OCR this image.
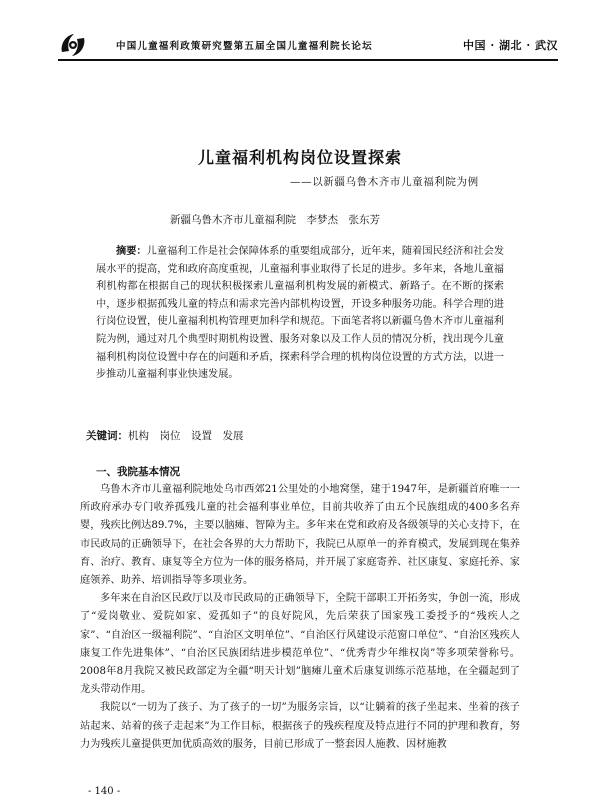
中国儿童福利政策研究暨第五届全国儿童福利院长论坛	中国 · 湖北 · 武汉
儿童福利机构岗位设置探索
——以新疆乌鲁木齐市儿童福利院为例
新疆乌鲁木齐市儿童福利院　李梦杰　张东芳

摘要：儿童福利工作是社会保障体系的重要组成部分，近年来，随着国民经济和社会发展水平的提高，党和政府高度重视，儿童福利事业取得了长足的进步。多年来，各地儿童福利机构都在根据自己的现状积极探索儿童福利机构发展的新模式、新路子。在不断的探索中，逐步根据孤残儿童的特点和需求完善内部机构设置，开设多种服务功能。科学合理的进行岗位设置，使儿童福利机构管理更加科学和规范。下面笔者将以新疆乌鲁木齐市儿童福利院为例，通过对几个典型时期机构设置、服务对象以及工作人员的情况分析，找出现今儿童福利机构岗位设置中存在的问题和矛盾，探索科学合理的机构岗位设置的方式方法，以进一步推动儿童福利事业快速发展。

关键词：机构　岗位　设置　发展
一、我院基本情况

乌鲁木齐市儿童福利院地处乌市西郊21公里处的小地窝堡，建于1947年，是新疆首府唯一一所政府承办专门收养孤残儿童的社会福利事业单位，目前共收养了由五个民族组成的400多名弃婴，残疾比例达89.7%，主要以脑瘫、智障为主。多年来在党和政府及各级领导的关心支持下，在市民政局的正确领导下，在社会各界的大力帮助下，我院已从原单一的养育模式，发展到现在集养育、治疗、教育、康复等全方位为一体的服务格局，并开展了家庭寄养、社区康复、家庭托养、家庭领养、助养、培训指导等多项业务。

多年来在自治区民政厅以及市民政局的正确领导下，全院干部职工开拓务实，争创一流，形成了“爱岗敬业、爱院如家、爱孤如子”的良好院风，先后荣获了国家残工委授予的“残疾人之家”、“自治区一级福利院”、“自治区文明单位”、“自治区行风建设示范窗口单位”、“自治区残疾人康复工作先进集体”、“自治区民族团结进步模范单位”、“优秀青少年维权岗”等多项荣誉称号。2008年8月我院又被民政部定为全疆“明天计划”脑瘫儿童术后康复训练示范基地，在全疆起到了龙头带动作用。

我院以“一切为了孩子、为了孩子的一切”为服务宗旨，以“让躺着的孩子坐起来、坐着的孩子站起来、站着的孩子走起来”为工作目标，根据孩子的残疾程度及特点进行不同的护理和教育，努力为残疾儿童提供更加优质高效的服务，目前已形成了一整套因人施教、因材施教

- 140 -
